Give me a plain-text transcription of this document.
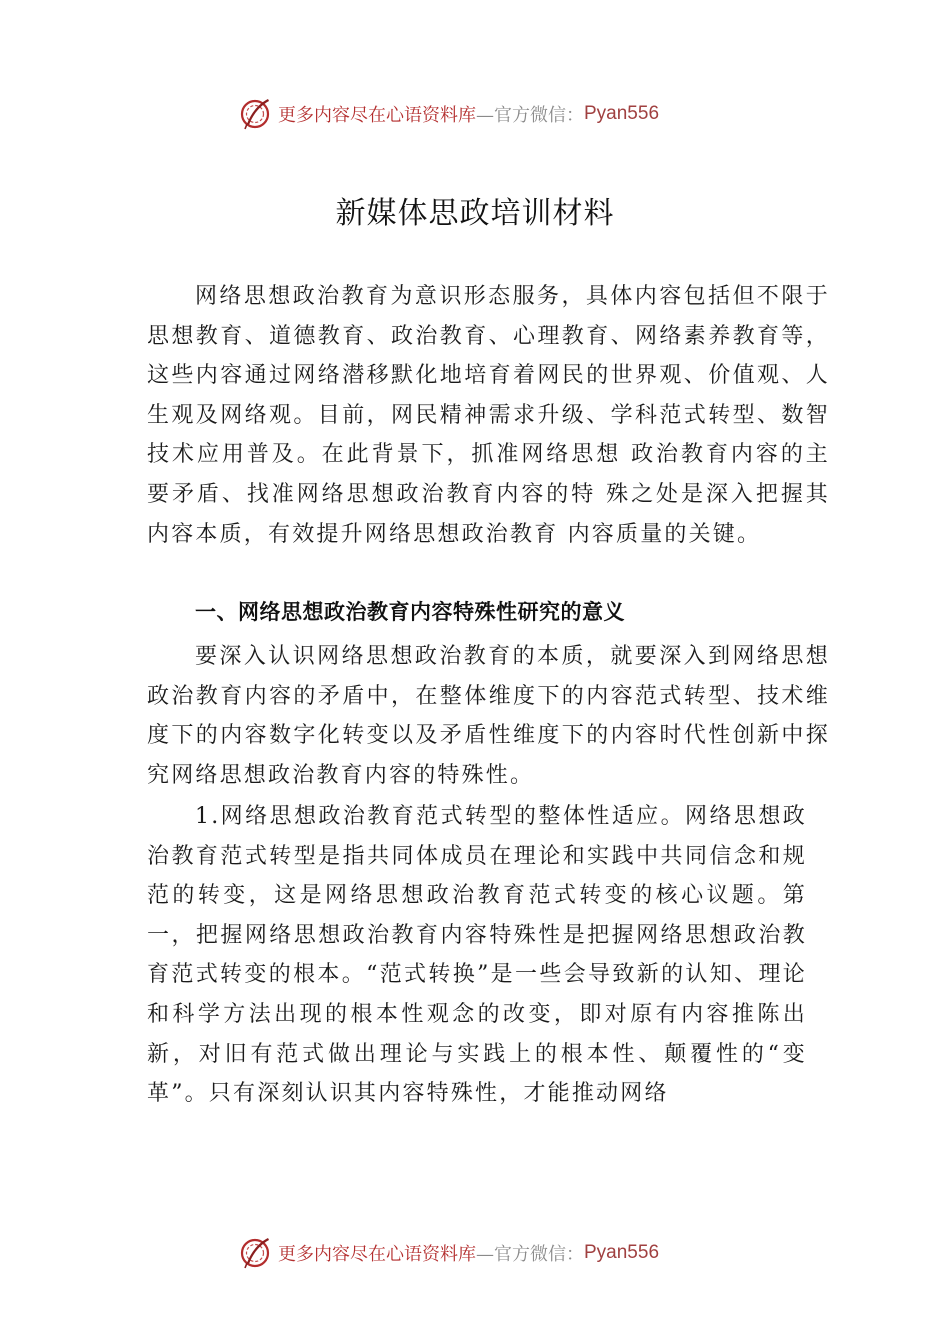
更多内容尽在心语资料库 —官方微信： Pyan556
新媒体思政培训材料

网络思想政治教育为意识形态服务，具体内容包括但不限于思想教育、道德教育、政治教育、心理教育、网络素养教育等，这些内容通过网络潜移默化地培育着网民的世界观、价值观、人生观及网络观。目前，网民精神需求升级、学科范式转型、数智技术应用普及。在此背景下，抓准网络思想 政治教育内容的主要矛盾、找准网络思想政治教育内容的特 殊之处是深入把握其内容本质，有效提升网络思想政治教育 内容质量的关键。

一、网络思想政治教育内容特殊性研究的意义

要深入认识网络思想政治教育的本质，就要深入到网络思想政治教育内容的矛盾中，在整体维度下的内容范式转型、技术维度下的内容数字化转变以及矛盾性维度下的内容时代性创新中探究网络思想政治教育内容的特殊性。

1.网络思想政治教育范式转型的整体性适应。网络思想政治教育范式转型是指共同体成员在理论和实践中共同信念和规范的转变，这是网络思想政治教育范式转变的核心议题。第一，把握网络思想政治教育内容特殊性是把握网络思想政治教育范式转变的根本。“范式转换”是一些会导致新的认知、理论和科学方法出现的根本性观念的改变，即对原有内容推陈出新，对旧有范式做出理论与实践上的根本性、颠覆性的“变革”。只有深刻认识其内容特殊性，才能推动网络

更多内容尽在心语资料库 —官方微信： Pyan556
